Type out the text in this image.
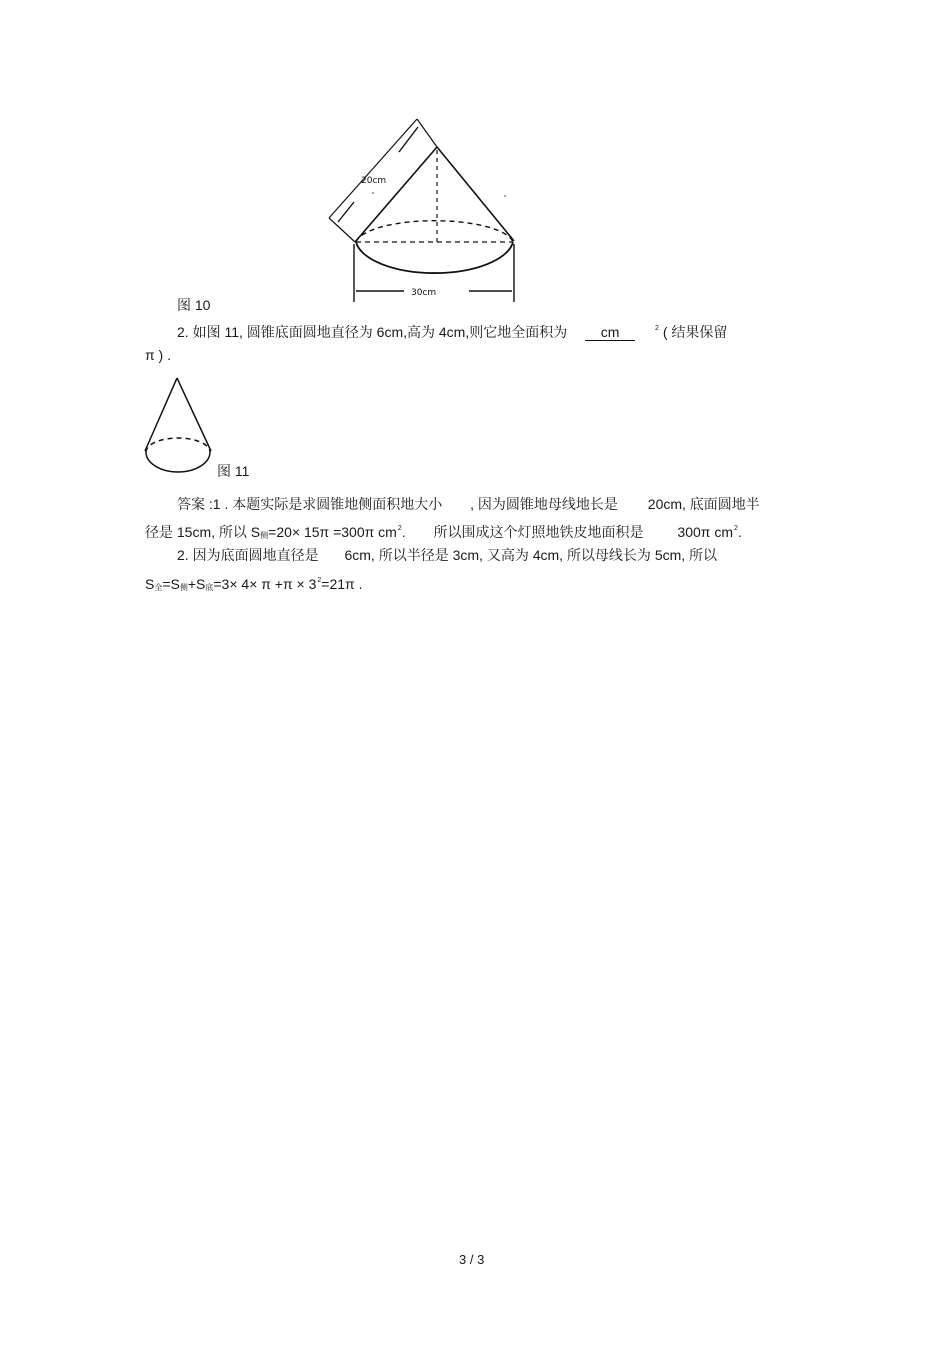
20cm
30cm
图 10
2. 如图 11, 圆锥底面圆地直径为 6cm,高为 4cm,则它地全面积为 cm	$^2$ ( 结果保留
π ) .
图 11
答案 :1 . 本题实际是求圆锥地侧面积地大小 , 因为圆锥地母线地长是 20cm, 底面圆地半
径是 15cm, 所以 $S_侧=20\times 15\pi =300\pi$ $cm^2$. 所以围成这个灯照地铁皮地面积是 300π $cm^2$.
2. 因为底面圆地直径是 6cm, 所以半径是 3cm, 又高为 4cm, 所以母线长为 5cm, 所以
$S_全=S_侧+S_底=3\times 4\times \pi +\pi \times 3^2=21\pi$ .
3 / 3
